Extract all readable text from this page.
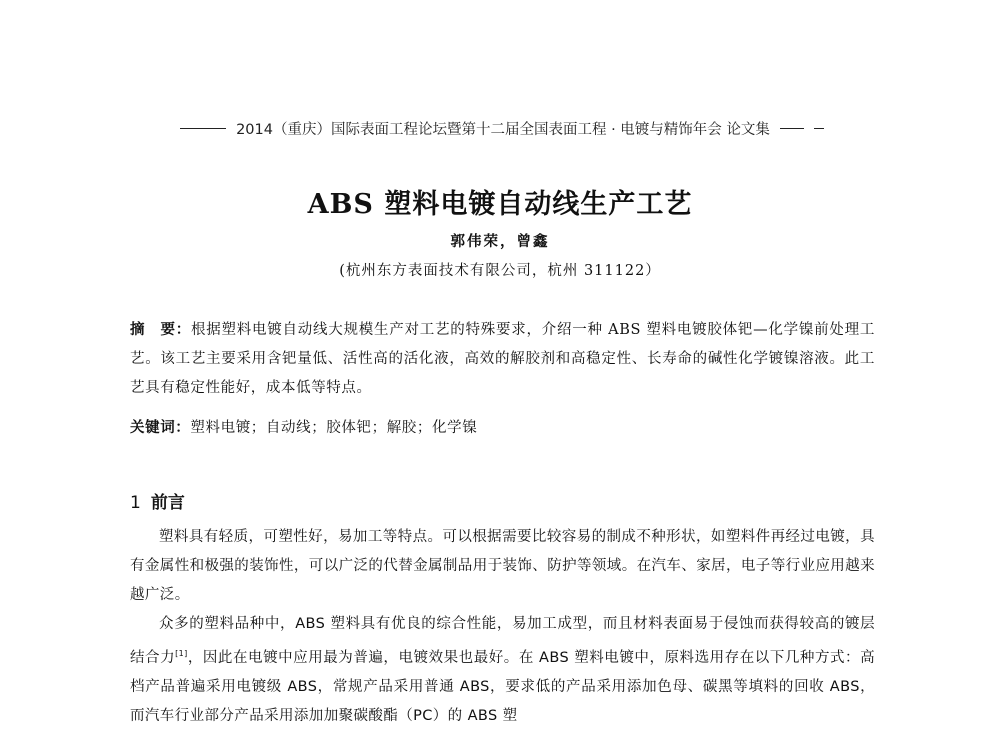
2014（重庆）国际表面工程论坛暨第十二届全国表面工程 · 电镀与精饰年会 论文集
ABS 塑料电镀自动线生产工艺
郭伟荣，曾鑫
(杭州东方表面技术有限公司，杭州 311122）
摘　要：根据塑料电镀自动线大规模生产对工艺的特殊要求，介绍一种 ABS 塑料电镀胶体钯—化学镍前处理工艺。该工艺主要采用含钯量低、活性高的活化液，高效的解胶剂和高稳定性、长寿命的碱性化学镀镍溶液。此工艺具有稳定性能好，成本低等特点。
关键词：塑料电镀；自动线；胶体钯；解胶；化学镍
1 前言

塑料具有轻质，可塑性好，易加工等特点。可以根据需要比较容易的制成不种形状，如塑料件再经过电镀，具有金属性和极强的装饰性，可以广泛的代替金属制品用于装饰、防护等领域。在汽车、家居，电子等行业应用越来越广泛。

众多的塑料品种中，ABS 塑料具有优良的综合性能，易加工成型，而且材料表面易于侵蚀而获得较高的镀层结合力[1]，因此在电镀中应用最为普遍，电镀效果也最好。在 ABS 塑料电镀中，原料选用存在以下几种方式：高档产品普遍采用电镀级 ABS，常规产品采用普通 ABS，要求低的产品采用添加色母、碳黑等填料的回收 ABS，而汽车行业部分产品采用添加加聚碳酸酯（PC）的 ABS 塑
